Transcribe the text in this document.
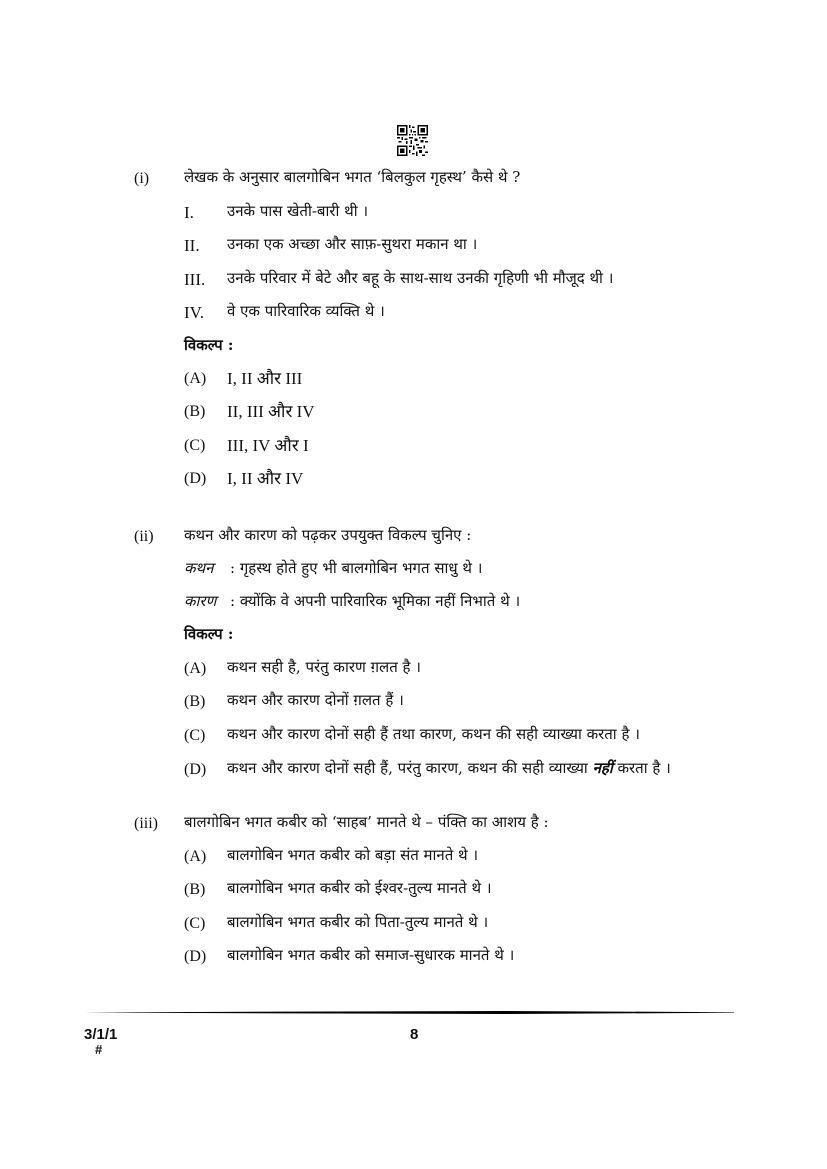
(i) लेखक के अनुसार बालगोबिन भगत ‘बिलकुल गृहस्थ’ कैसे थे ?
I. उनके पास खेती-बारी थी ।
II. उनका एक अच्छा और साफ़-सुथरा मकान था ।
III. उनके परिवार में बेटे और बहू के साथ-साथ उनकी गृहिणी भी मौजूद थी ।
IV. वे एक पारिवारिक व्यक्ति थे ।
विकल्प :
(A) I, II और III
(B) II, III और IV
(C) III, IV और I
(D) I, II और IV
(ii) कथन और कारण को पढ़कर उपयुक्त विकल्प चुनिए :
कथन : गृहस्थ होते हुए भी बालगोबिन भगत साधु थे ।
कारण : क्योंकि वे अपनी पारिवारिक भूमिका नहीं निभाते थे ।
विकल्प :
(A) कथन सही है, परंतु कारण ग़लत है ।
(B) कथन और कारण दोनों ग़लत हैं ।
(C) कथन और कारण दोनों सही हैं तथा कारण, कथन की सही व्याख्या करता है ।
(D) कथन और कारण दोनों सही हैं, परंतु कारण, कथन की सही व्याख्या नहीं करता है ।
(iii) बालगोबिन भगत कबीर को ‘साहब’ मानते थे – पंक्ति का आशय है :
(A) बालगोबिन भगत कबीर को बड़ा संत मानते थे ।
(B) बालगोबिन भगत कबीर को ईश्वर-तुल्य मानते थे ।
(C) बालगोबिन भगत कबीर को पिता-तुल्य मानते थे ।
(D) बालगोबिन भगत कबीर को समाज-सुधारक मानते थे ।
3/1/1
#
8
